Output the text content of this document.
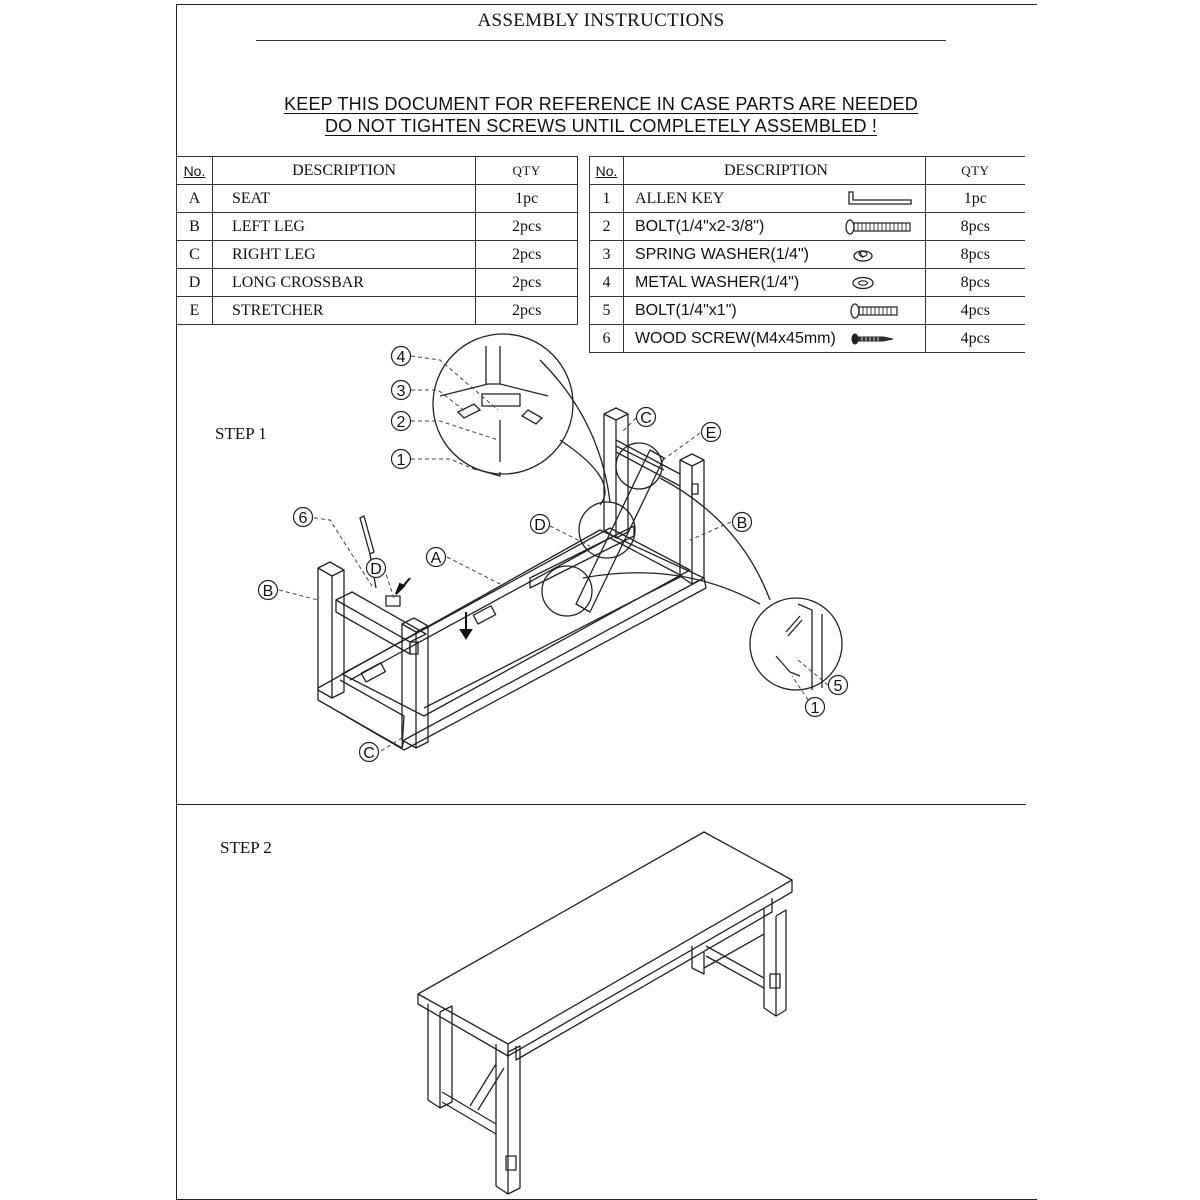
ASSEMBLY INSTRUCTIONS
KEEP THIS DOCUMENT FOR REFERENCE IN CASE PARTS ARE NEEDED
DO NOT TIGHTEN SCREWS UNTIL COMPLETELY ASSEMBLED !
No.	DESCRIPTION	QTY
A	SEAT	1pc
B	LEFT LEG	2pcs
C	RIGHT LEG	2pcs
D	LONG CROSSBAR	2pcs
E	STRETCHER	2pcs
No.	DESCRIPTION	QTY
1	ALLEN KEY	1pc
2	BOLT(1/4"x2-3/8")	8pcs
3	SPRING WASHER(1/4")	8pcs
4	METAL WASHER(1/4")	8pcs
5	BOLT(1/4"x1")	4pcs
6	WOOD SCREW(M4x45mm)	4pcs
STEP 1
STEP 2
4
3
2
1
6
B
D
A
D
C
E
B
C
5
1
